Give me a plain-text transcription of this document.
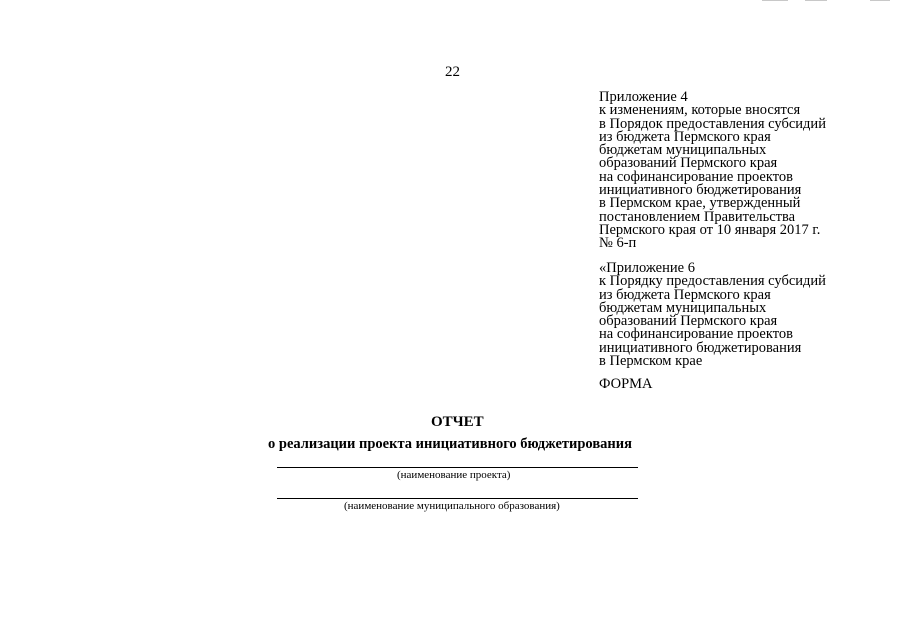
22
Приложение 4
к изменениям, которые вносятся
в Порядок предоставления субсидий
из бюджета Пермского края
бюджетам муниципальных
образований Пермского края
на софинансирование проектов
инициативного бюджетирования
в Пермском крае, утвержденный
постановлением Правительства
Пермского края от 10 января 2017 г.
№ 6-п
«Приложение 6
к Порядку предоставления субсидий
из бюджета Пермского края
бюджетам муниципальных
образований Пермского края
на софинансирование проектов
инициативного бюджетирования
в Пермском крае
ФОРМА
ОТЧЕТ
о реализации проекта инициативного бюджетирования
(наименование проекта)
(наименование муниципального образования)
